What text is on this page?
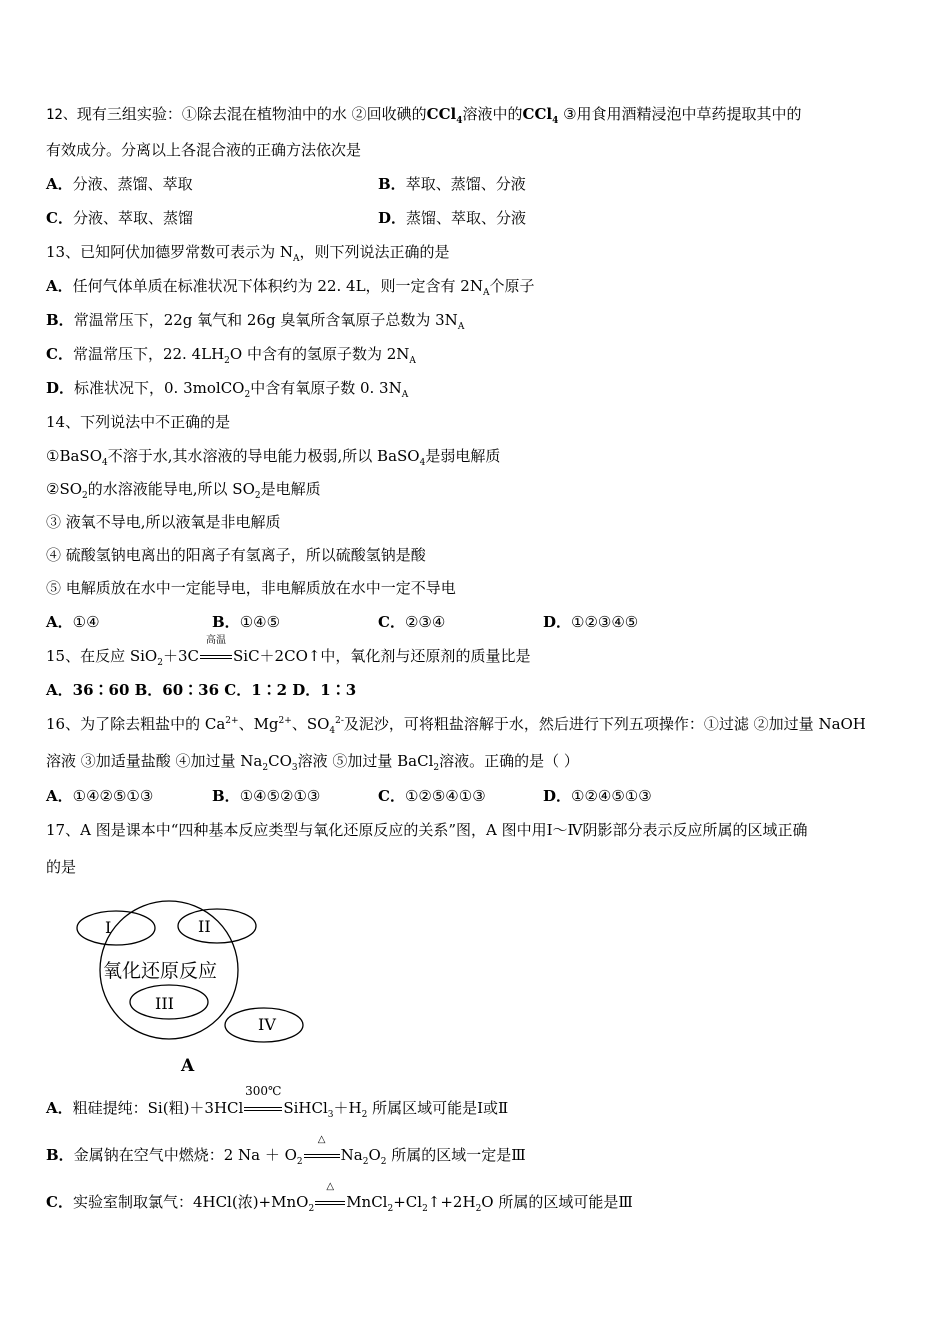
12、现有三组实验：①除去混在植物油中的水 ②回收碘的CCl$_4$溶液中的CCl$_4$ ③用食用酒精浸泡中草药提取其中的
有效成分。分离以上各混合液的正确方法依次是
A．分液、蒸馏、萃取	B．萃取、蒸馏、分液
C．分液、萃取、蒸馏	D．蒸馏、萃取、分液
13、已知阿伏加德罗常数可表示为 $N_A$，则下列说法正确的是
A．任何气体单质在标准状况下体积约为 22. 4L，则一定含有 $2N_A$个原子
B．常温常压下，22g 氧气和 26g 臭氧所含氧原子总数为 $3N_A$
C．常温常压下，22. $4LH_2O$ 中含有的氢原子数为 $2N_A$
D．标准状况下，0. 3molCO$_2$中含有氧原子数 0. $3N_A$
14、下列说法中不正确的是
①BaSO$_4$不溶于水,其水溶液的导电能力极弱,所以 BaSO$_4$是弱电解质
$②SO_2$的水溶液能导电,所以 $SO_2$是电解质
③ 液氧不导电,所以液氧是非电解质
④ 硫酸氢钠电离出的阳离子有氢离子，所以硫酸氢钠是酸
⑤ 电解质放在水中一定能导电，非电解质放在水中一定不导电
A．①④	B．①④⑤	C．②③④	D．①②③④⑤
15、在反应 SiO$_2$＋3C
高温
SiC＋2CO↑中，氧化剂与还原剂的质量比是
A．36∶60 B．60∶36 C．1∶2 D．1∶3
16、为了除去粗盐中的 $Ca^{2+}$、$Mg^{2+}$、$SO_4^{2-}$及泥沙，可将粗盐溶解于水，然后进行下列五项操作：①过滤 ②加过量 NaOH
溶液 ③加适量盐酸 ④加过量 $Na_2CO_3$溶液 ⑤加过量 BaCl$_2$溶液。正确的是（ ）
A．①④②⑤①③	B．①④⑤②①③	C．①②⑤④①③	D．①②④⑤①③
17、A 图是课本中“四种基本反应类型与氧化还原反应的关系”图，A 图中用Ⅰ～Ⅳ阴影部分表示反应所属的区域正确
的是
I	II
氧化还原反应
III
IV
A
A．粗硅提纯：Si(粗)＋3HCl
300℃
$SiHCl_3+H_2$ 所属区域可能是Ⅰ或Ⅱ
B．金属钠在空气中燃烧：2 $Na + O_2$
△
$Na_2O_2$ 所属的区域一定是Ⅲ
C．实验室制取氯气：4HCl(浓)+MnO$_2$
△
$MnCl_2+Cl_2↑+2H_2O$ 所属的区域可能是Ⅲ
